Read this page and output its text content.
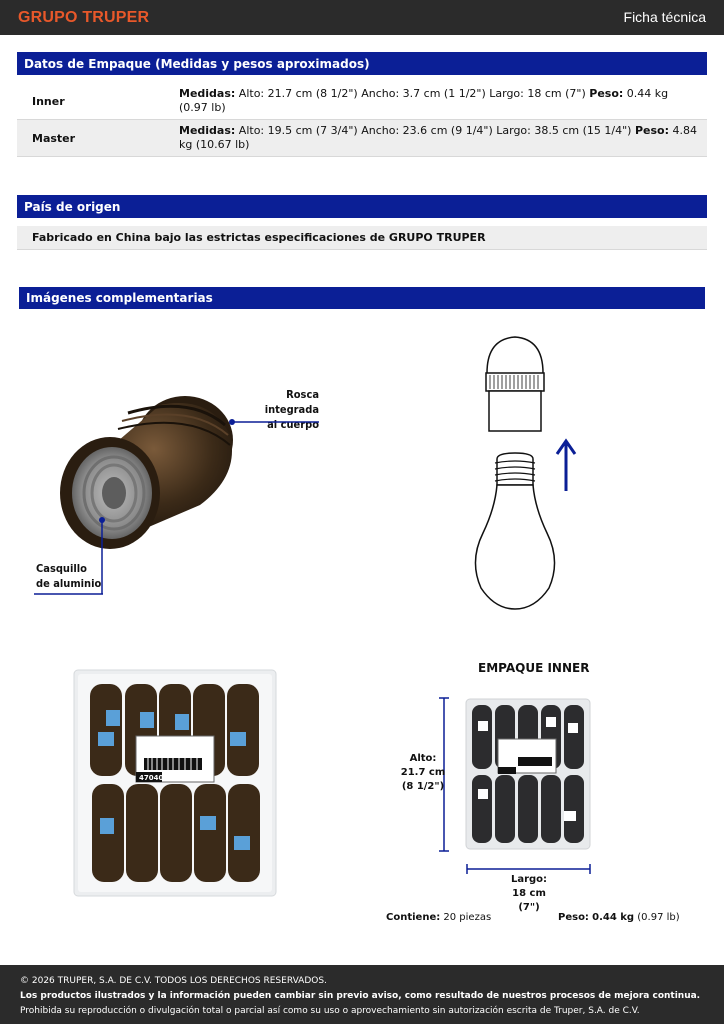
GRUPO TRUPER	Ficha técnica
Datos de Empaque (Medidas y pesos aproximados)
Inner
Medidas: Alto: 21.7 cm (8 1/2") Ancho: 3.7 cm (1 1/2") Largo: 18 cm (7") Peso: 0.44 kg (0.97 lb)
Master
Medidas: Alto: 19.5 cm (7 3/4") Ancho: 23.6 cm (9 1/4") Largo: 38.5 cm (15 1/4") Peso: 4.84 kg (10.67 lb)
País de origen
Fabricado en China bajo las estrictas especificaciones de GRUPO TRUPER
Imágenes complementarias
Rosca integrada
al cuerpo
Casquillo
de aluminio
47040
EMPAQUE INNER
Alto:
21.7 cm
(8 1/2")
Largo:
18 cm
(7")
Contiene: 20 piezas	Peso: 0.44 kg (0.97 lb)
© 2026 TRUPER, S.A. DE C.V. TODOS LOS DERECHOS RESERVADOS.
Los productos ilustrados y la información pueden cambiar sin previo aviso, como resultado de nuestros procesos de mejora continua.
Prohibida su reproducción o divulgación total o parcial así como su uso o aprovechamiento sin autorización escrita de Truper, S.A. de C.V.
